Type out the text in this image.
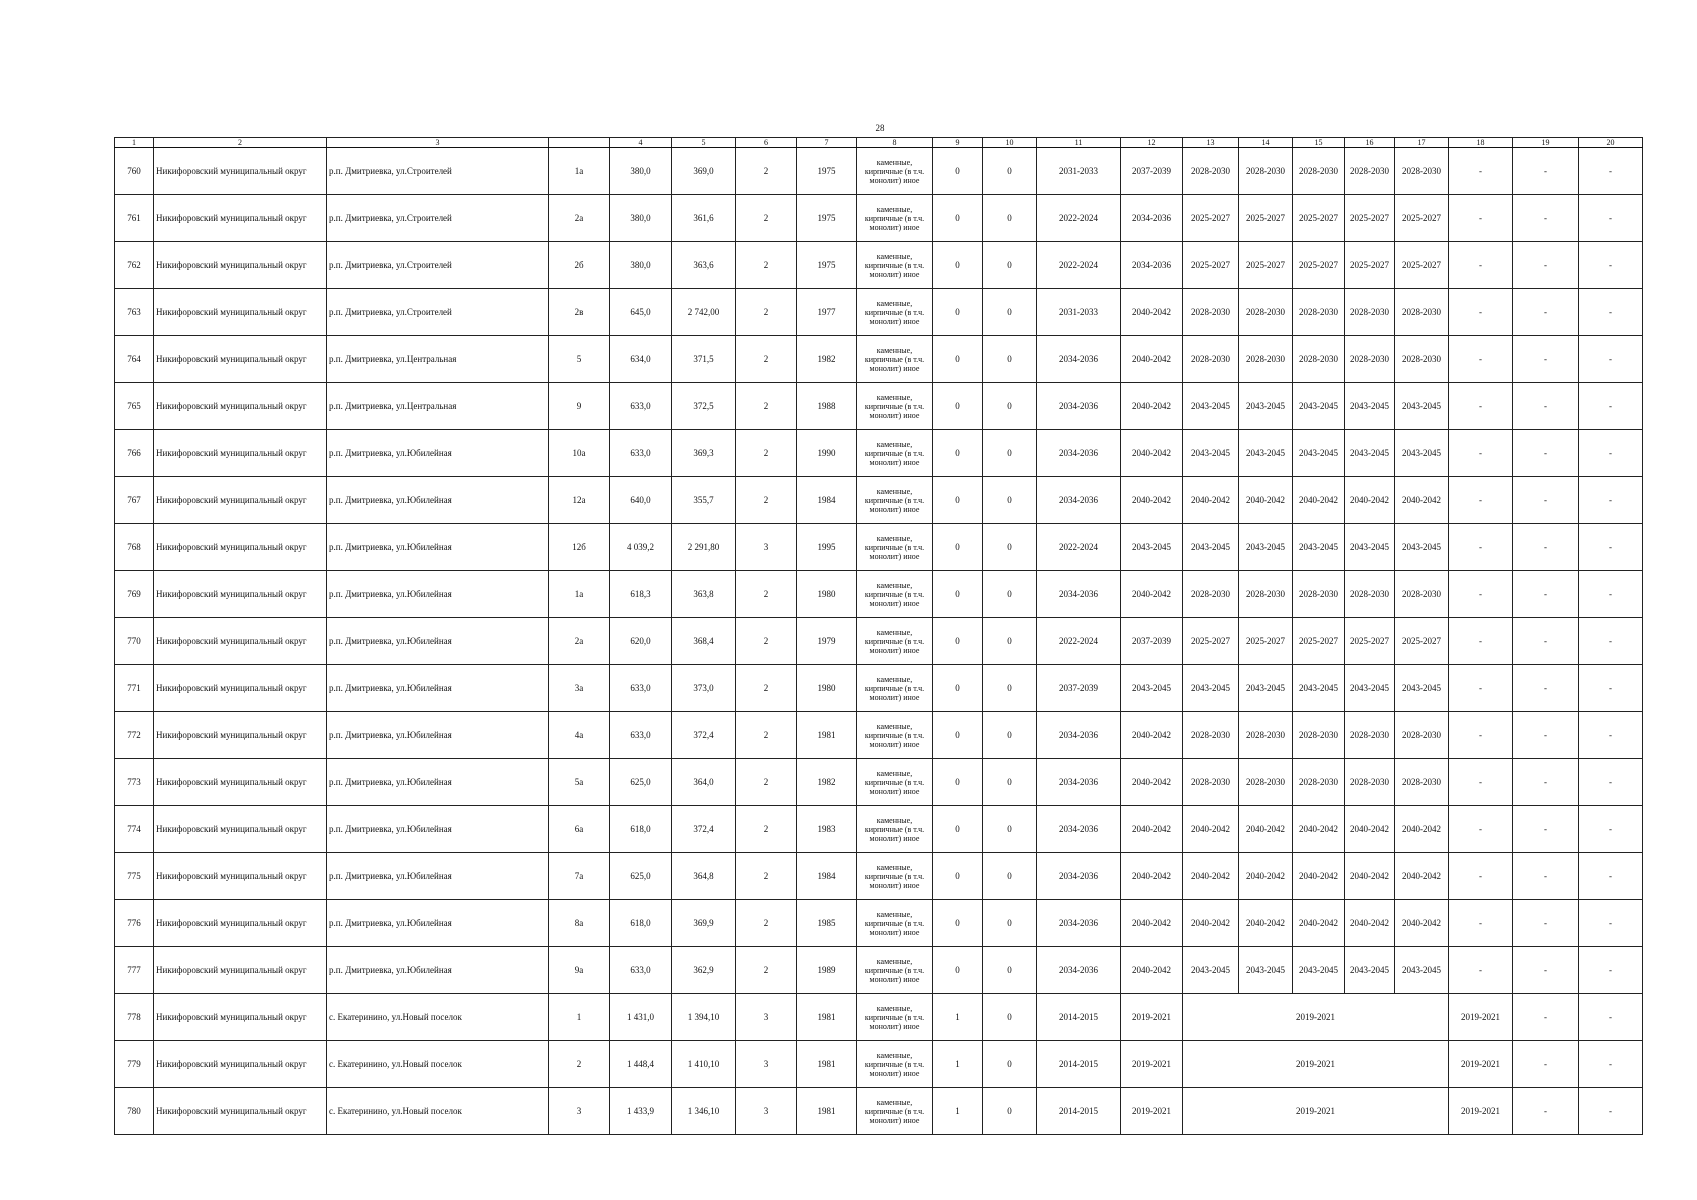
28
1	2	3		4	5	6	7	8	9	10	11	12	13	14	15	16	17	18	19	20
760	Никифоровский муниципальный округ	р.п. Дмитриевка, ул.Строителей	1а	380,0	369,0	2	1975	каменные, кирпичные (в т.ч. монолит) иное	0	0	2031-2033	2037-2039	2028-2030	2028-2030	2028-2030	2028-2030	2028-2030	-	-	-
761	Никифоровский муниципальный округ	р.п. Дмитриевка, ул.Строителей	2а	380,0	361,6	2	1975	каменные, кирпичные (в т.ч. монолит) иное	0	0	2022-2024	2034-2036	2025-2027	2025-2027	2025-2027	2025-2027	2025-2027	-	-	-
762	Никифоровский муниципальный округ	р.п. Дмитриевка, ул.Строителей	2б	380,0	363,6	2	1975	каменные, кирпичные (в т.ч. монолит) иное	0	0	2022-2024	2034-2036	2025-2027	2025-2027	2025-2027	2025-2027	2025-2027	-	-	-
763	Никифоровский муниципальный округ	р.п. Дмитриевка, ул.Строителей	2в	645,0	2 742,00	2	1977	каменные, кирпичные (в т.ч. монолит) иное	0	0	2031-2033	2040-2042	2028-2030	2028-2030	2028-2030	2028-2030	2028-2030	-	-	-
764	Никифоровский муниципальный округ	р.п. Дмитриевка, ул.Центральная	5	634,0	371,5	2	1982	каменные, кирпичные (в т.ч. монолит) иное	0	0	2034-2036	2040-2042	2028-2030	2028-2030	2028-2030	2028-2030	2028-2030	-	-	-
765	Никифоровский муниципальный округ	р.п. Дмитриевка, ул.Центральная	9	633,0	372,5	2	1988	каменные, кирпичные (в т.ч. монолит) иное	0	0	2034-2036	2040-2042	2043-2045	2043-2045	2043-2045	2043-2045	2043-2045	-	-	-
766	Никифоровский муниципальный округ	р.п. Дмитриевка, ул.Юбилейная	10а	633,0	369,3	2	1990	каменные, кирпичные (в т.ч. монолит) иное	0	0	2034-2036	2040-2042	2043-2045	2043-2045	2043-2045	2043-2045	2043-2045	-	-	-
767	Никифоровский муниципальный округ	р.п. Дмитриевка, ул.Юбилейная	12а	640,0	355,7	2	1984	каменные, кирпичные (в т.ч. монолит) иное	0	0	2034-2036	2040-2042	2040-2042	2040-2042	2040-2042	2040-2042	2040-2042	-	-	-
768	Никифоровский муниципальный округ	р.п. Дмитриевка, ул.Юбилейная	12б	4 039,2	2 291,80	3	1995	каменные, кирпичные (в т.ч. монолит) иное	0	0	2022-2024	2043-2045	2043-2045	2043-2045	2043-2045	2043-2045	2043-2045	-	-	-
769	Никифоровский муниципальный округ	р.п. Дмитриевка, ул.Юбилейная	1а	618,3	363,8	2	1980	каменные, кирпичные (в т.ч. монолит) иное	0	0	2034-2036	2040-2042	2028-2030	2028-2030	2028-2030	2028-2030	2028-2030	-	-	-
770	Никифоровский муниципальный округ	р.п. Дмитриевка, ул.Юбилейная	2а	620,0	368,4	2	1979	каменные, кирпичные (в т.ч. монолит) иное	0	0	2022-2024	2037-2039	2025-2027	2025-2027	2025-2027	2025-2027	2025-2027	-	-	-
771	Никифоровский муниципальный округ	р.п. Дмитриевка, ул.Юбилейная	3а	633,0	373,0	2	1980	каменные, кирпичные (в т.ч. монолит) иное	0	0	2037-2039	2043-2045	2043-2045	2043-2045	2043-2045	2043-2045	2043-2045	-	-	-
772	Никифоровский муниципальный округ	р.п. Дмитриевка, ул.Юбилейная	4а	633,0	372,4	2	1981	каменные, кирпичные (в т.ч. монолит) иное	0	0	2034-2036	2040-2042	2028-2030	2028-2030	2028-2030	2028-2030	2028-2030	-	-	-
773	Никифоровский муниципальный округ	р.п. Дмитриевка, ул.Юбилейная	5а	625,0	364,0	2	1982	каменные, кирпичные (в т.ч. монолит) иное	0	0	2034-2036	2040-2042	2028-2030	2028-2030	2028-2030	2028-2030	2028-2030	-	-	-
774	Никифоровский муниципальный округ	р.п. Дмитриевка, ул.Юбилейная	6а	618,0	372,4	2	1983	каменные, кирпичные (в т.ч. монолит) иное	0	0	2034-2036	2040-2042	2040-2042	2040-2042	2040-2042	2040-2042	2040-2042	-	-	-
775	Никифоровский муниципальный округ	р.п. Дмитриевка, ул.Юбилейная	7а	625,0	364,8	2	1984	каменные, кирпичные (в т.ч. монолит) иное	0	0	2034-2036	2040-2042	2040-2042	2040-2042	2040-2042	2040-2042	2040-2042	-	-	-
776	Никифоровский муниципальный округ	р.п. Дмитриевка, ул.Юбилейная	8а	618,0	369,9	2	1985	каменные, кирпичные (в т.ч. монолит) иное	0	0	2034-2036	2040-2042	2040-2042	2040-2042	2040-2042	2040-2042	2040-2042	-	-	-
777	Никифоровский муниципальный округ	р.п. Дмитриевка, ул.Юбилейная	9а	633,0	362,9	2	1989	каменные, кирпичные (в т.ч. монолит) иное	0	0	2034-2036	2040-2042	2043-2045	2043-2045	2043-2045	2043-2045	2043-2045	-	-	-
778	Никифоровский муниципальный округ	с. Екатеринино, ул.Новый поселок	1	1 431,0	1 394,10	3	1981	каменные, кирпичные (в т.ч. монолит) иное	1	0	2014-2015	2019-2021	2019-2021					2019-2021	-	-
779	Никифоровский муниципальный округ	с. Екатеринино, ул.Новый поселок	2	1 448,4	1 410,10	3	1981	каменные, кирпичные (в т.ч. монолит) иное	1	0	2014-2015	2019-2021	2019-2021					2019-2021	-	-
780	Никифоровский муниципальный округ	с. Екатеринино, ул.Новый поселок	3	1 433,9	1 346,10	3	1981	каменные, кирпичные (в т.ч. монолит) иное	1	0	2014-2015	2019-2021	2019-2021					2019-2021	-	-
